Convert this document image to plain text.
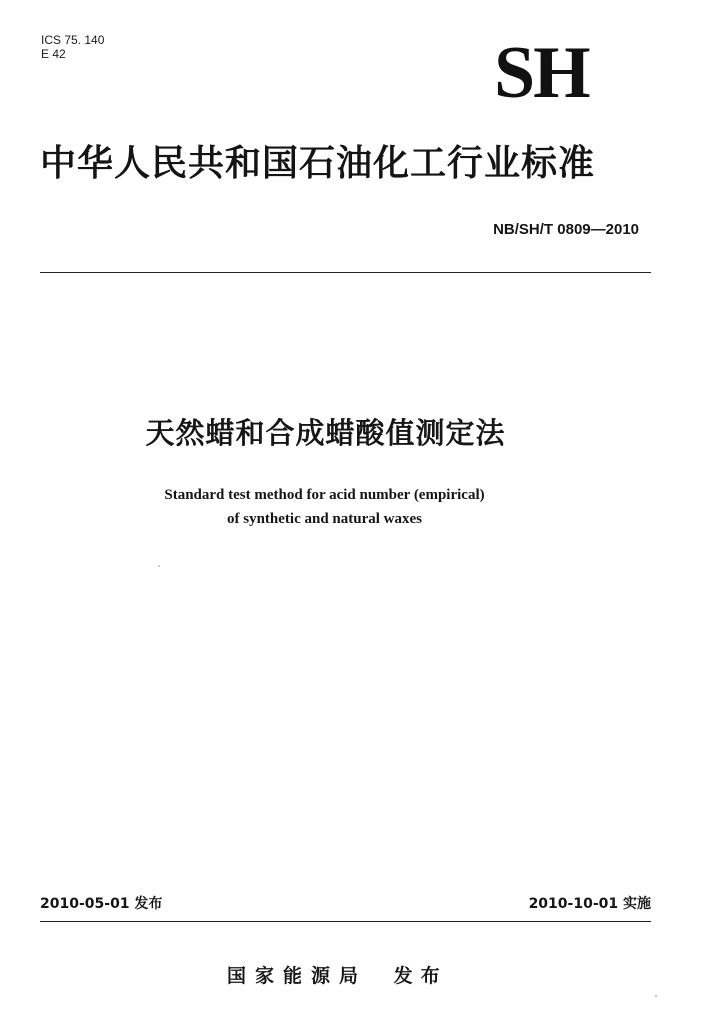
ICS 75. 140
E 42	SH
中华人民共和国石油化工行业标准
NB/SH/T 0809—2010
天然蜡和合成蜡酸值测定法
Standard test method for acid number (empirical)
of synthetic and natural waxes
2010-05-01 发布	2010-10-01 实施
国家能源局 发布
